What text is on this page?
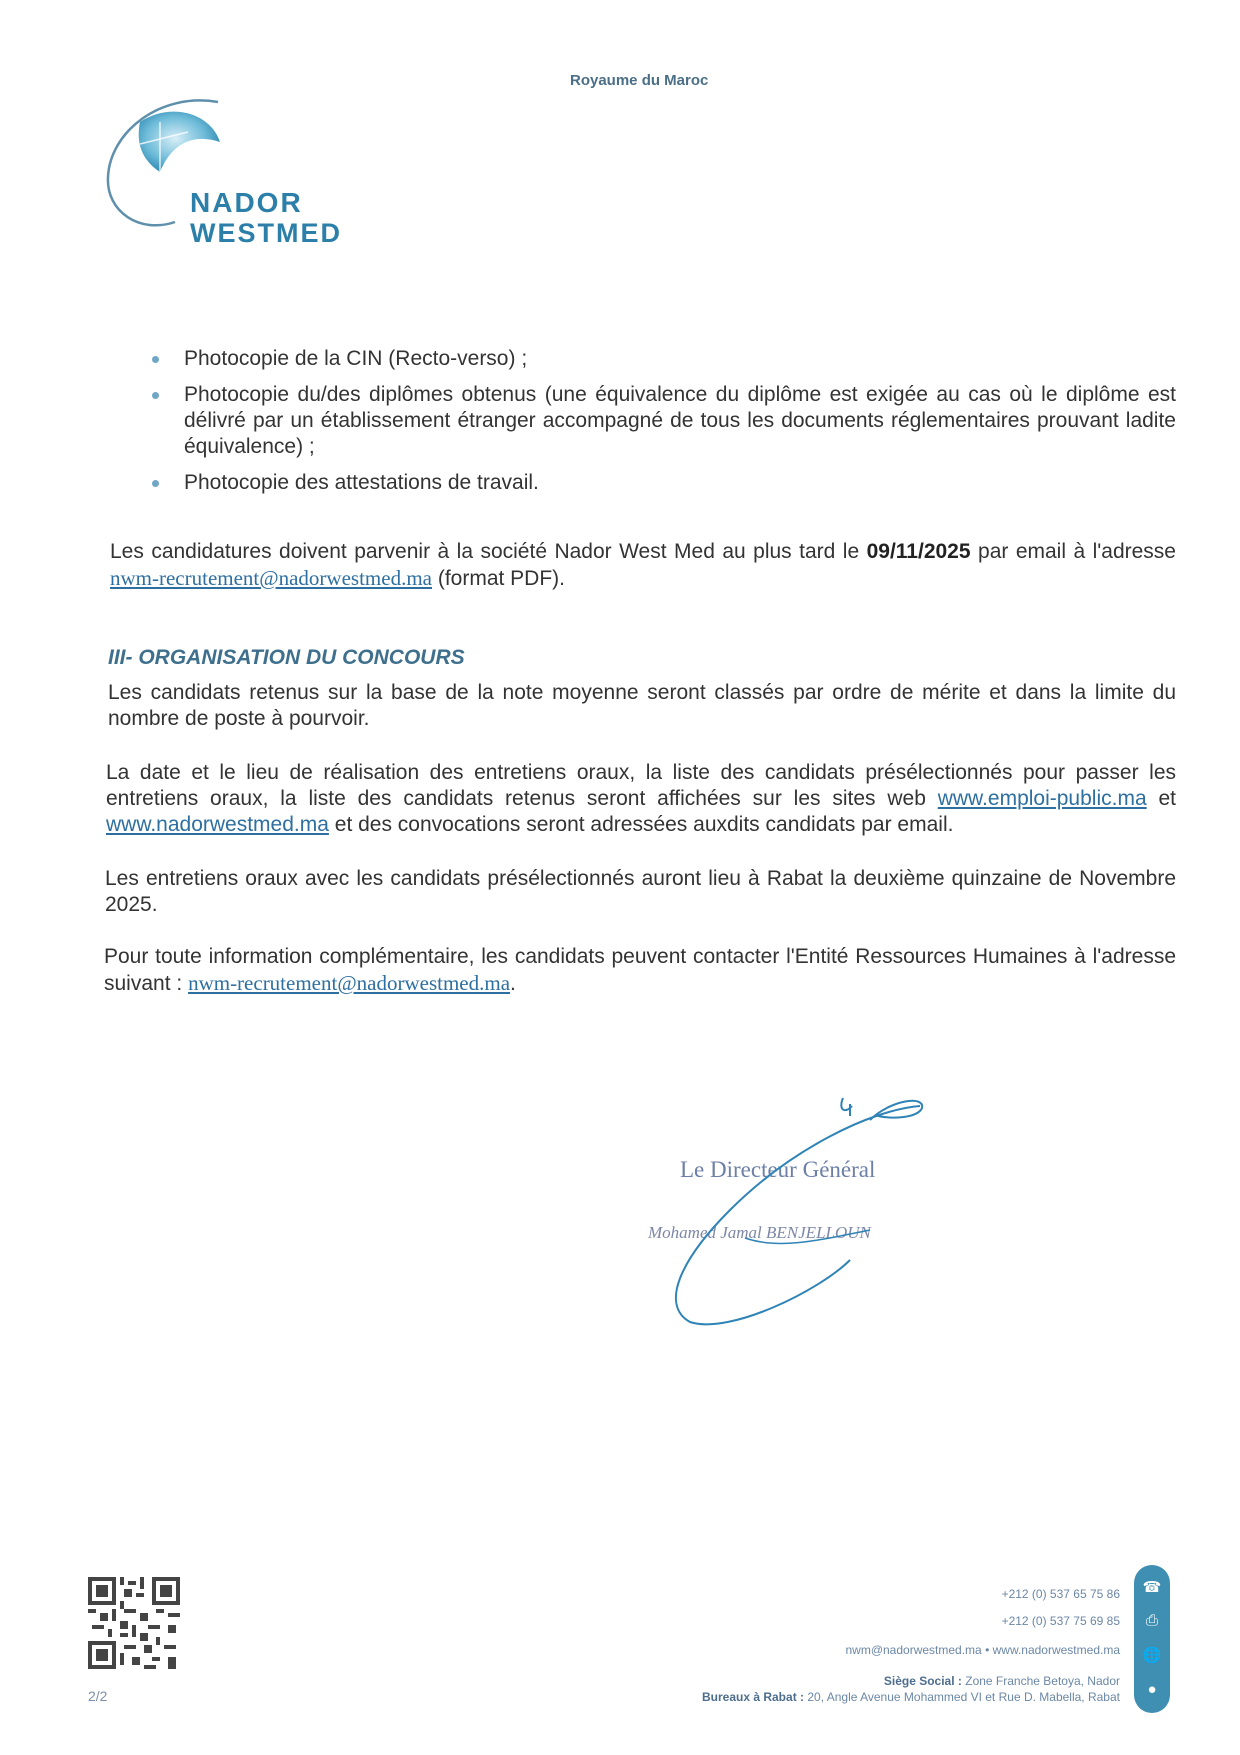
Royaume du Maroc
NADOR
WESTMED
Photocopie de la CIN (Recto-verso) ;
Photocopie du/des diplômes obtenus (une équivalence du diplôme est exigée au cas où le diplôme est délivré par un établissement étranger accompagné de tous les documents réglementaires prouvant ladite équivalence) ;
Photocopie des attestations de travail.

Les candidatures doivent parvenir à la société Nador West Med au plus tard le 09/11/2025 par email à l'adresse nwm-recrutement@nadorwestmed.ma (format PDF).

III- ORGANISATION DU CONCOURS

Les candidats retenus sur la base de la note moyenne seront classés par ordre de mérite et dans la limite du nombre de poste à pourvoir.

La date et le lieu de réalisation des entretiens oraux, la liste des candidats présélectionnés pour passer les entretiens oraux, la liste des candidats retenus seront affichées sur les sites web www.emploi-public.ma et www.nadorwestmed.ma et des convocations seront adressées auxdits candidats par email.

Les entretiens oraux avec les candidats présélectionnés auront lieu à Rabat la deuxième quinzaine de Novembre 2025.

Pour toute information complémentaire, les candidats peuvent contacter l'Entité Ressources Humaines à l'adresse suivant : nwm-recrutement@nadorwestmed.ma.

Le Directeur Général
Mohamed Jamal BENJELLOUN
2/2
+212 (0) 537 65 75 86
+212 (0) 537 75 69 85
nwm@nadorwestmed.ma • www.nadorwestmed.ma
Siège Social : Zone Franche Betoya, Nador
Bureaux à Rabat : 20, Angle Avenue Mohammed VI et Rue D. Mabella, Rabat
☎
⎙
🌐
●
